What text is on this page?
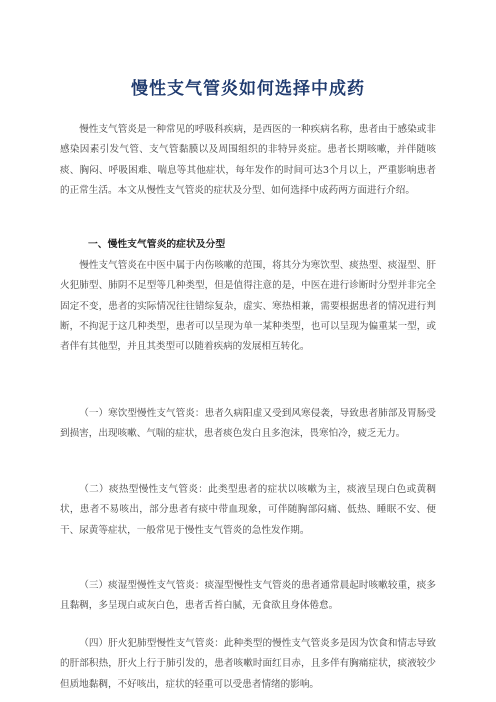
慢性支气管炎如何选择中成药

慢性支气管炎是一种常见的呼吸科疾病，是西医的一种疾病名称，患者由于感染或非感染因素引发气管、支气管黏膜以及周围组织的非特异炎症。患者长期咳嗽，并伴随咳痰、胸闷、呼吸困难、喘息等其他症状，每年发作的时间可达3个月以上，严重影响患者的正常生活。本文从慢性支气管炎的症状及分型、如何选择中成药两方面进行介绍。

一、慢性支气管炎的症状及分型

慢性支气管炎在中医中属于内伤咳嗽的范围，将其分为寒饮型、痰热型、痰湿型、肝火犯肺型、肺阴不足型等几种类型，但是值得注意的是，中医在进行诊断时分型并非完全固定不变，患者的实际情况往往错综复杂，虚实、寒热相兼，需要根据患者的情况进行判断，不拘泥于这几种类型，患者可以呈现为单一某种类型，也可以呈现为偏重某一型，或者伴有其他型，并且其类型可以随着疾病的发展相互转化。

（一）寒饮型慢性支气管炎：患者久病阳虚又受到风寒侵袭，导致患者肺部及胃肠受到损害，出现咳嗽、气喘的症状，患者痰色发白且多泡沫，畏寒怕冷，疲乏无力。

（二）痰热型慢性支气管炎：此类型患者的症状以咳嗽为主，痰液呈现白色或黄稠状，患者不易咳出，部分患者有痰中带血现象，可伴随胸部闷痛、低热、睡眠不安、便干、尿黄等症状，一般常见于慢性支气管炎的急性发作期。

（三）痰湿型慢性支气管炎：痰湿型慢性支气管炎的患者通常晨起时咳嗽较重，痰多且黏稠，多呈现白或灰白色，患者舌苔白腻，无食欲且身体倦怠。

（四）肝火犯肺型慢性支气管炎：此种类型的慢性支气管炎多是因为饮食和情志导致的肝部积热，肝火上行于肺引发的，患者咳嗽时面红目赤，且多伴有胸痛症状，痰液较少但质地黏稠，不好咳出，症状的轻重可以受患者情绪的影响。
